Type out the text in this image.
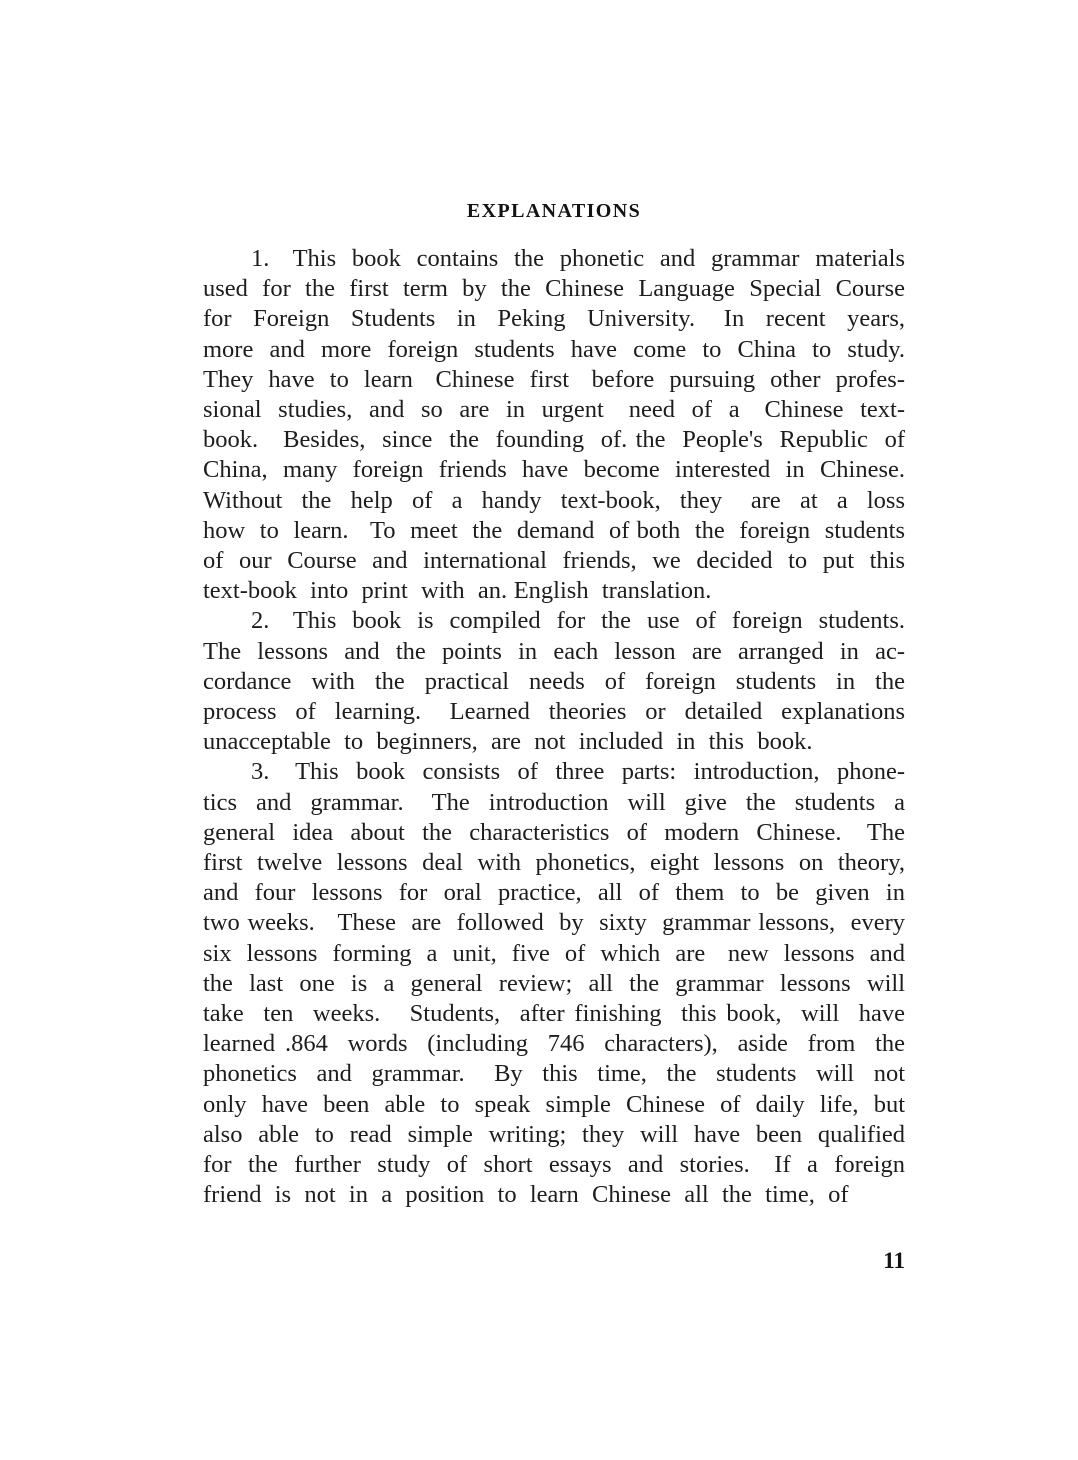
EXPLANATIONS
1.   This  book  contains  the  phonetic  and  grammar  materials
used  for  the  first  term  by  the  Chinese  Language  Special  Course
for   Foreign   Students   in   Peking   University.    In   recent   years,
more  and  more  foreign  students  have  come  to  China  to  study.
They  have  to  learn   Chinese  first   before  pursuing  other  profes-
sional  studies,  and  so  are  in  urgent   need  of  a   Chinese  text-
book.   Besides,  since  the  founding  of. the  People's  Republic  of
China,  many  foreign  friends  have  become  interested  in  Chinese.
Without  the  help  of  a  handy  text-book,  they   are  at  a  loss
how  to  learn.   To  meet  the  demand  of both  the  foreign  students
of  our  Course  and  international  friends,  we  decided  to  put  this
text-book  into  print  with  an. English  translation.
2.   This  book  is  compiled  for  the  use  of  foreign  students.
The  lessons  and  the  points  in  each  lesson  are  arranged  in  ac-
cordance  with  the  practical  needs  of  foreign  students  in  the
process  of  learning.   Learned  theories  or  detailed  explanations
unacceptable  to  beginners,  are  not  included  in  this  book.
3.   This  book  consists  of  three  parts:  introduction,  phone-
tics  and  grammar.   The  introduction  will  give  the  students  a
general  idea  about  the  characteristics  of  modern  Chinese.   The
first  twelve  lessons  deal  with  phonetics,  eight  lessons  on  theory,
and  four  lessons  for  oral  practice,  all  of  them  to  be  given  in
two weeks.   These  are  followed  by  sixty  grammar lessons,  every
six  lessons  forming  a  unit,  five  of  which  are   new  lessons  and
the  last  one  is  a  general  review;  all  the  grammar  lessons  will
take  ten  weeks.   Students,  after finishing  this book,  will  have
learned .864  words  (including  746  characters),  aside  from  the
phonetics  and  grammar.   By  this  time,  the  students  will  not
only  have  been  able  to  speak  simple  Chinese  of  daily  life,  but
also  able  to  read  simple  writing;  they  will  have  been  qualified
for  the  further  study  of  short  essays  and  stories.   If  a  foreign
friend  is  not  in  a  position  to  learn  Chinese  all  the  time,  of
11
